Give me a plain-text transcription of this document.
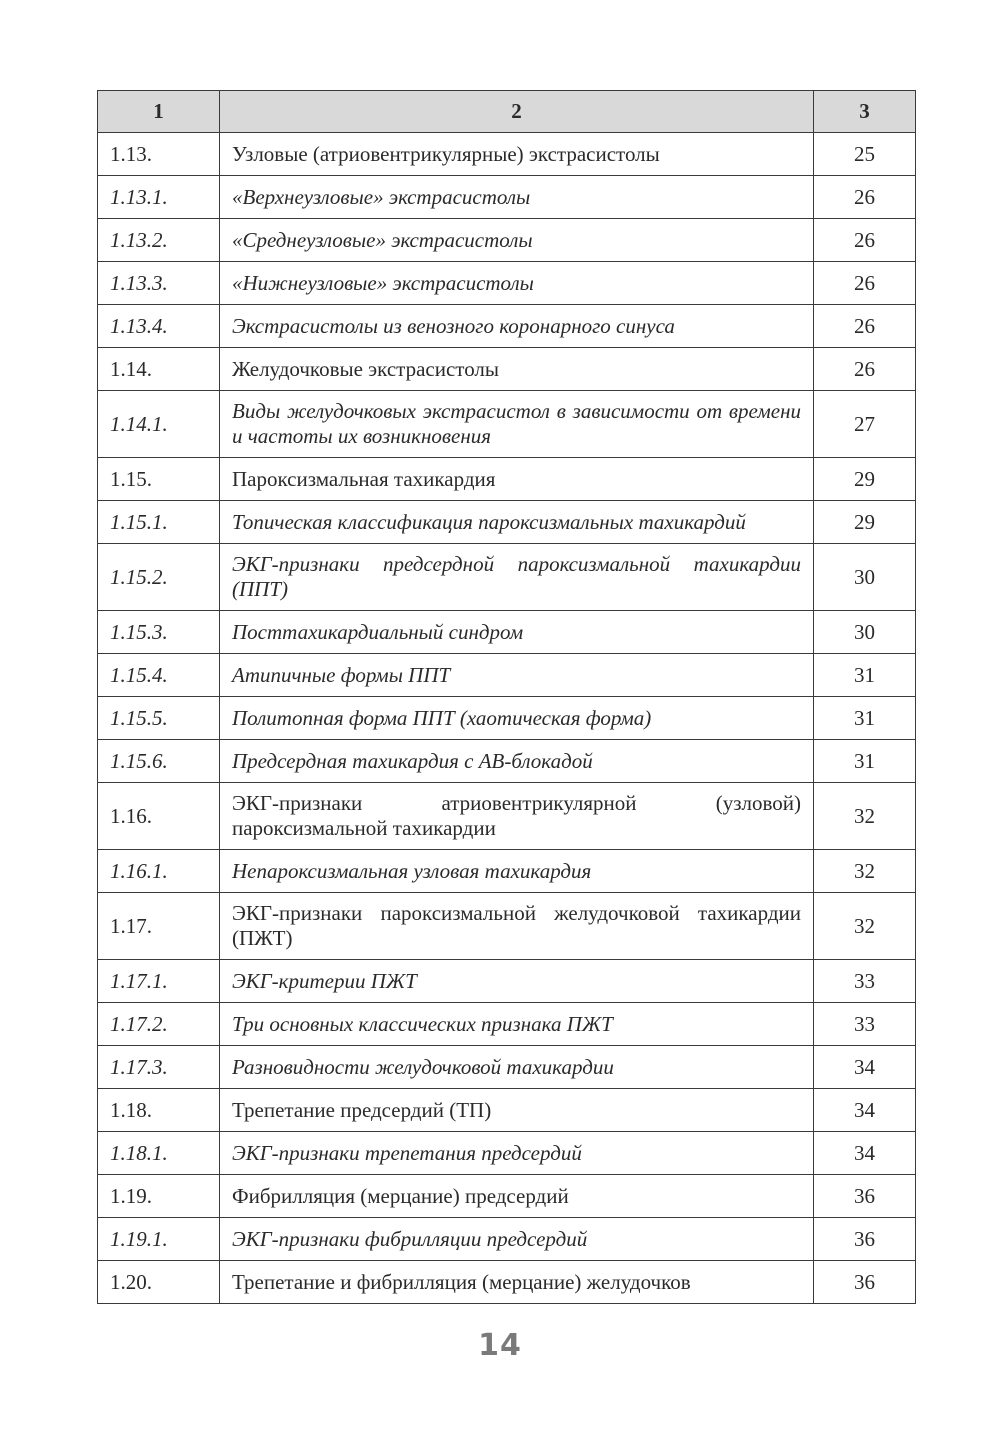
1	2	3
1.13.	Узловые (атриовентрикулярные) экстрасистолы	25
1.13.1.	«Верхнеузловые» экстрасистолы	26
1.13.2.	«Среднеузловые» экстрасистолы	26
1.13.3.	«Нижнеузловые» экстрасистолы	26
1.13.4.	Экстрасистолы из венозного коронарного синуса	26
1.14.	Желудочковые экстрасистолы	26
1.14.1.	Виды желудочковых экстрасистол в зависимости от времени и частоты их возникновения	27
1.15.	Пароксизмальная тахикардия	29
1.15.1.	Топическая классификация пароксизмальных тахикардий	29
1.15.2.	ЭКГ-признаки предсердной пароксизмальной тахикардии (ППТ)	30
1.15.3.	Посттахикардиальный синдром	30
1.15.4.	Атипичные формы ППТ	31
1.15.5.	Политопная форма ППТ (хаотическая форма)	31
1.15.6.	Предсердная тахикардия с АВ-блокадой	31
1.16.	ЭКГ-признаки атриовентрикулярной (узловой) пароксизмальной тахикардии	32
1.16.1.	Непароксизмальная узловая тахикардия	32
1.17.	ЭКГ-признаки пароксизмальной желудочковой тахикардии (ПЖТ)	32
1.17.1.	ЭКГ-критерии ПЖТ	33
1.17.2.	Три основных классических признака ПЖТ	33
1.17.3.	Разновидности желудочковой тахикардии	34
1.18.	Трепетание предсердий (ТП)	34
1.18.1.	ЭКГ-признаки трепетания предсердий	34
1.19.	Фибрилляция (мерцание) предсердий	36
1.19.1.	ЭКГ-признаки фибрилляции предсердий	36
1.20.	Трепетание и фибрилляция (мерцание) желудочков	36
14
